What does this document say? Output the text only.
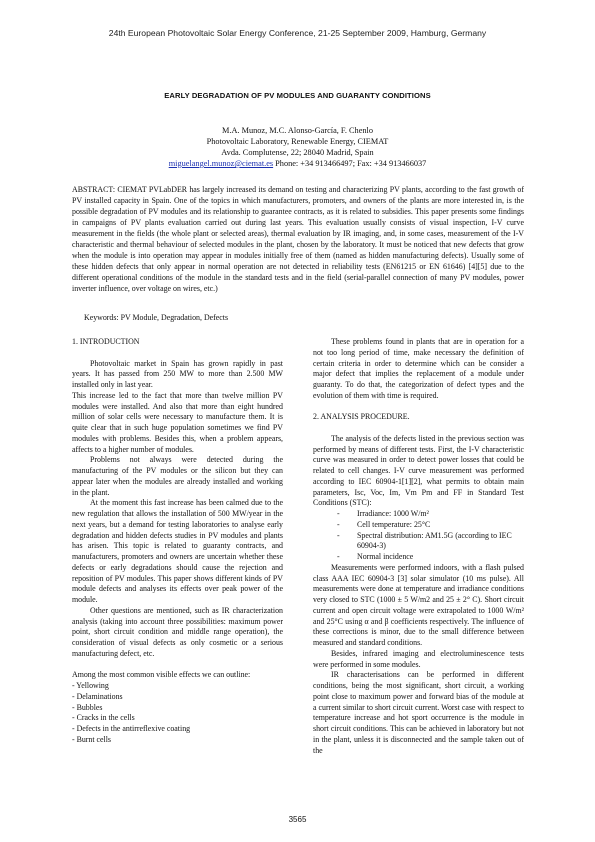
24th European Photovoltaic Solar Energy Conference, 21-25 September 2009, Hamburg, Germany
EARLY DEGRADATION OF PV MODULES AND GUARANTY CONDITIONS
M.A. Munoz, M.C. Alonso-García, F. Chenlo
Photovoltaic Laboratory, Renewable Energy, CIEMAT
Avda. Complutense, 22; 28040 Madrid, Spain
miguelangel.munoz@ciemat.es Phone: +34 913466497; Fax: +34 913466037
ABSTRACT: CIEMAT PVLabDER has largely increased its demand on testing and characterizing PV plants, according to the fast growth of PV installed capacity in Spain. One of the topics in which manufacturers, promoters, and owners of the plants are more interested in, is the possible degradation of PV modules and its relationship to guarantee contracts, as it is related to subsidies. This paper presents some findings in campaigns of PV plants evaluation carried out during last years. This evaluation usually consists of visual inspection, I-V curve measurement in the fields (the whole plant or selected areas), thermal evaluation by IR imaging, and, in some cases, measurement of the I-V characteristic and thermal behaviour of selected modules in the plant, chosen by the laboratory. It must be noticed that new defects that grow when the module is into operation may appear in modules initially free of them (named as hidden manufacturing defects). Usually some of these hidden defects that only appear in normal operation are not detected in reliability tests (EN61215 or EN 61646) [4][5] due to the different operational conditions of the module in the standard tests and in the field (serial-parallel connection of many PV modules, power inverter influence, over voltage on wires, etc.)
Keywords: PV Module, Degradation, Defects

1. INTRODUCTION

Photovoltaic market in Spain has grown rapidly in past years. It has passed from 250 MW to more than 2.500 MW installed only in last year.

This increase led to the fact that more than twelve million PV modules were installed. And also that more than eight hundred million of solar cells were necessary to manufacture them. It is quite clear that in such huge population sometimes we find PV modules with problems. Besides this, when a problem appears, affects to a higher number of modules.

Problems not always were detected during the manufacturing of the PV modules or the silicon but they can appear later when the modules are already installed and working in the plant.

At the moment this fast increase has been calmed due to the new regulation that allows the installation of 500 MW/year in the next years, but a demand for testing laboratories to analyse early degradation and hidden defects studies in PV modules and plants has arisen. This topic is related to guaranty contracts, and manufacturers, promoters and owners are uncertain whether these defects or early degradations should cause the rejection and reposition of PV modules. This paper shows different kinds of PV module defects and analyses its effects over peak power of the module.

Other questions are mentioned, such as IR characterization analysis (taking into account three possibilities: maximum power point, short circuit condition and middle range operation), the consideration of visual defects as only cosmetic or a serious manufacturing defect, etc.

Among the most common visible effects we can outline:

- Yellowing
- Delaminations
- Bubbles
- Cracks in the cells
- Defects in the antirreflexive coating
- Burnt cells

These problems found in plants that are in operation for a not too long period of time, make necessary the definition of certain criteria in order to determine which can be consider a major defect that implies the replacement of a module under guaranty. To do that, the categorization of defect types and the evolution of them with time is required.

2. ANALYSIS PROCEDURE.

The analysis of the defects listed in the previous section was performed by means of different tests. First, the I-V characteristic curve was measured in order to detect power losses that could be related to cell changes. I-V curve measurement was performed according to IEC 60904-1[1][2], what permits to obtain main parameters, Isc, Voc, Im, Vm Pm and FF in Standard Test Conditions (STC):

- Irradiance: 1000 W/m²
- Cell temperature: 25°C
- Spectral distribution: AM1.5G (according to IEC 60904-3)
- Normal incidence

Measurements were performed indoors, with a flash pulsed class AAA IEC 60904-3 [3] solar simulator (10 ms pulse). All measurements were done at temperature and irradiance conditions very closed to STC (1000 ± 5 W/m2 and 25 ± 2° C). Short circuit current and open circuit voltage were extrapolated to 1000 W/m² and 25°C using α and β coefficients respectively. The influence of these corrections is minor, due to the small difference between measured and standard conditions.

Besides, infrared imaging and electroluminescence tests were performed in some modules.

IR characterisations can be performed in different conditions, being the most significant, short circuit, a working point close to maximum power and forward bias of the module at a current similar to short circuit current. Worst case with respect to temperature increase and hot sport occurrence is the module in short circuit conditions. This can be achieved in laboratory but not in the plant, unless it is disconnected and the sample taken out of the

3565
